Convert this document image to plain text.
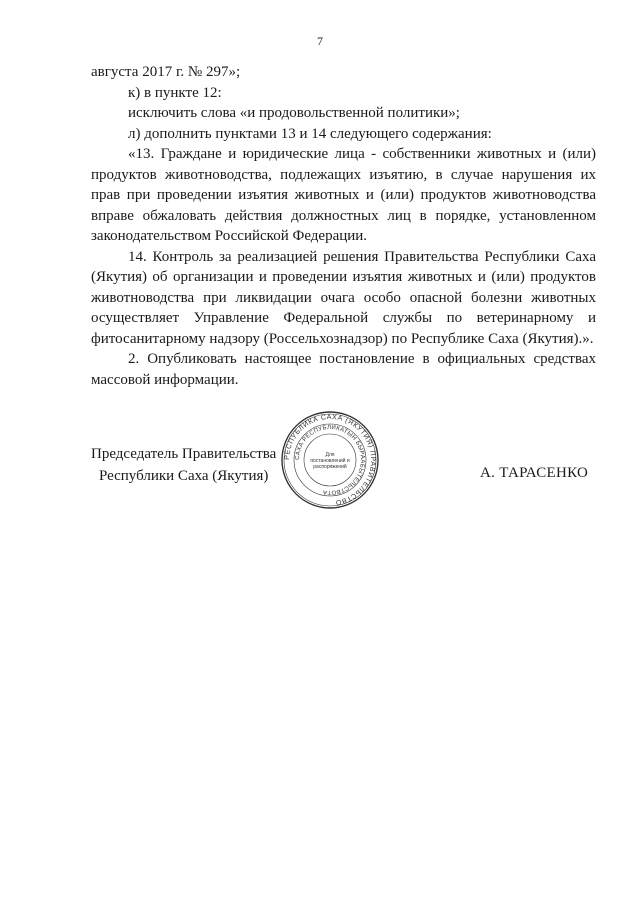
7

августа 2017 г. № 297»;

к) в пункте 12:

исключить слова «и продовольственной политики»;

л) дополнить пунктами 13 и 14 следующего содержания:

«13. Граждане и юридические лица - собственники животных и (или) продуктов животноводства, подлежащих изъятию, в случае нарушения их прав при проведении изъятия животных и (или) продуктов животноводства вправе обжаловать действия должностных лиц в порядке, установленном законодательством Российской Федерации.

14. Контроль за реализацией решения Правительства Республики Саха (Якутия) об организации и проведении изъятия животных и (или) продуктов животноводства при ликвидации очага особо опасной болезни животных осуществляет Управление Федеральной службы по ветеринарному и фитосанитарному надзору (Россельхознадзор) по Республике Саха (Якутия).».

2. Опубликовать настоящее постановление в официальных средствах массовой информации.

Председатель Правительства
Республики Саха (Якутия)
РЕСПУБЛИКА САХА (ЯКУТИЯ) ПРАВИТЕЛЬСТВО
САХА РЕСПУБЛИКАТЫН БЫРААБЫТЕЛЬСТВОТА
Для
постановлений и
распоряжений	А. ТАРАСЕНКО
